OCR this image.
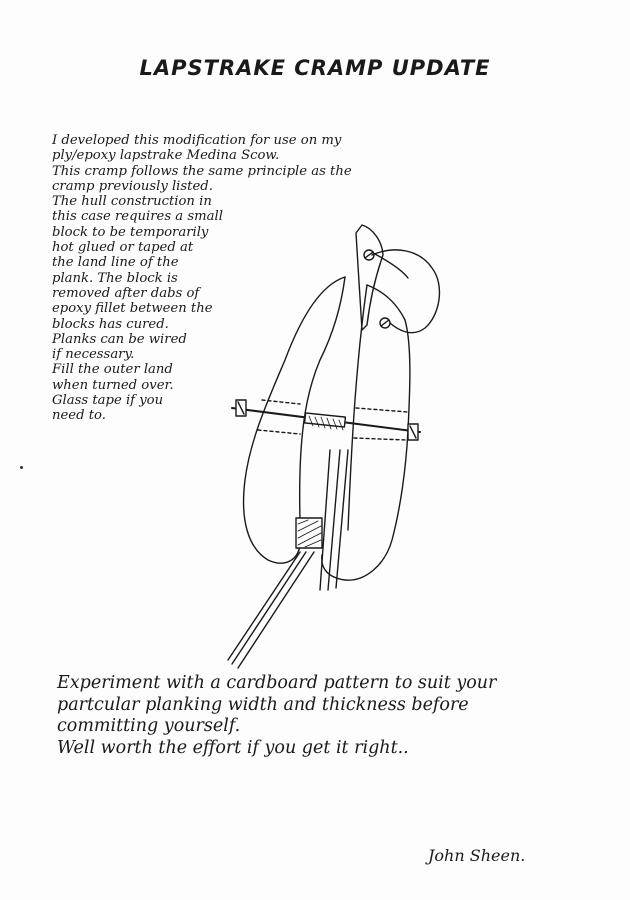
LAPSTRAKE CRAMP UPDATE
I developed this modification for use on my
ply/epoxy lapstrake Medina Scow.
This cramp follows the same principle as the
cramp previously listed.
The hull construction in
this case requires a small
block to be temporarily
hot glued or taped at
the land line of the
plank. The block is
removed after dabs of
epoxy fillet between the
blocks has cured.
Planks can be wired
if necessary.
Fill the outer land
when turned over.
Glass tape if you
need to.
Experiment with a cardboard pattern to suit your
partcular planking width and thickness before
committing yourself.
Well worth the effort if you get it right..
John Sheen.
